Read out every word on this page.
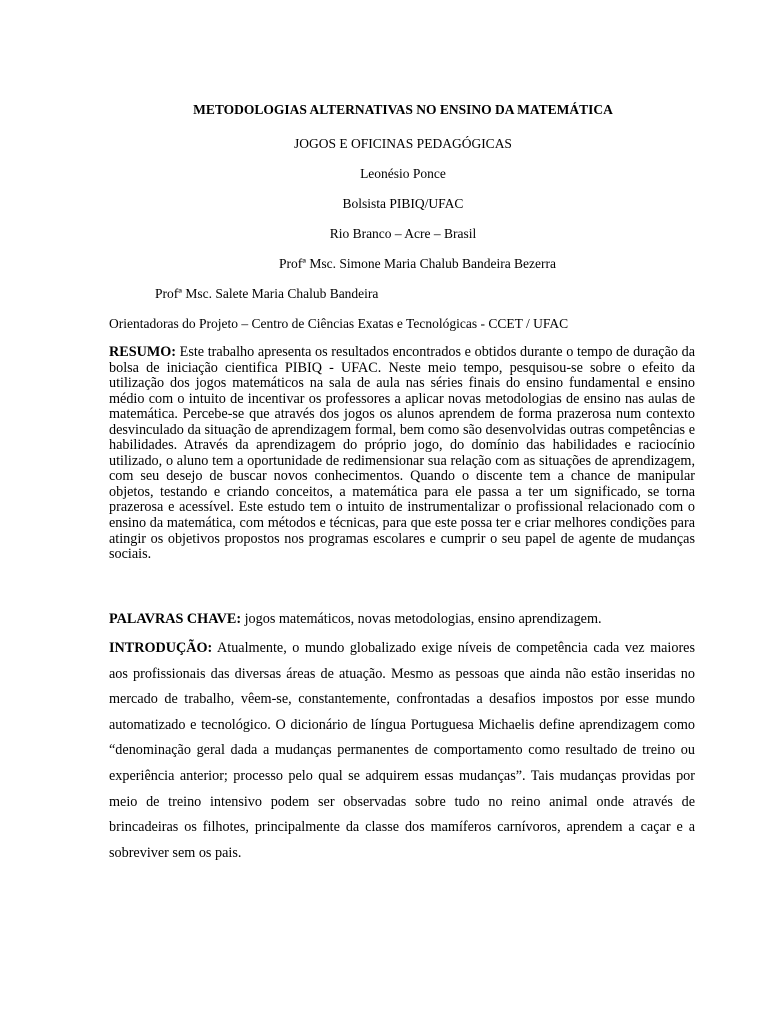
METODOLOGIAS ALTERNATIVAS NO ENSINO DA MATEMÁTICA
JOGOS E OFICINAS PEDAGÓGICAS
Leonésio Ponce
Bolsista PIBIQ/UFAC
Rio Branco – Acre – Brasil
Profª Msc. Simone Maria Chalub Bandeira Bezerra
Profª Msc. Salete Maria Chalub Bandeira
Orientadoras do Projeto – Centro de Ciências Exatas e Tecnológicas - CCET / UFAC
RESUMO: Este trabalho apresenta os resultados encontrados e obtidos durante o tempo de duração da bolsa de iniciação cientifica PIBIQ - UFAC. Neste meio tempo, pesquisou-se sobre o efeito da utilização dos jogos matemáticos na sala de aula nas séries finais do ensino fundamental e ensino médio com o intuito de incentivar os professores a aplicar novas metodologias de ensino nas aulas de matemática. Percebe-se que através dos jogos os alunos aprendem de forma prazerosa num contexto desvinculado da situação de aprendizagem formal, bem como são desenvolvidas outras competências e habilidades. Através da aprendizagem do próprio jogo, do domínio das habilidades e raciocínio utilizado, o aluno tem a oportunidade de redimensionar sua relação com as situações de aprendizagem, com seu desejo de buscar novos conhecimentos. Quando o discente tem a chance de manipular objetos, testando e criando conceitos, a matemática para ele passa a ter um significado, se torna prazerosa e acessível. Este estudo tem o intuito de instrumentalizar o profissional relacionado com o ensino da matemática, com métodos e técnicas, para que este possa ter e criar melhores condições para atingir os objetivos propostos nos programas escolares e cumprir o seu papel de agente de mudanças sociais.
PALAVRAS CHAVE: jogos matemáticos, novas metodologias, ensino aprendizagem.
INTRODUÇÃO: Atualmente, o mundo globalizado exige níveis de competência cada vez maiores aos profissionais das diversas áreas de atuação. Mesmo as pessoas que ainda não estão inseridas no mercado de trabalho, vêem-se, constantemente, confrontadas a desafios impostos por esse mundo automatizado e tecnológico. O dicionário de língua Portuguesa Michaelis define aprendizagem como “denominação geral dada a mudanças permanentes de comportamento como resultado de treino ou experiência anterior; processo pelo qual se adquirem essas mudanças”. Tais mudanças providas por meio de treino intensivo podem ser observadas sobre tudo no reino animal onde através de brincadeiras os filhotes, principalmente da classe dos mamíferos carnívoros, aprendem a caçar e a sobreviver sem os pais.
